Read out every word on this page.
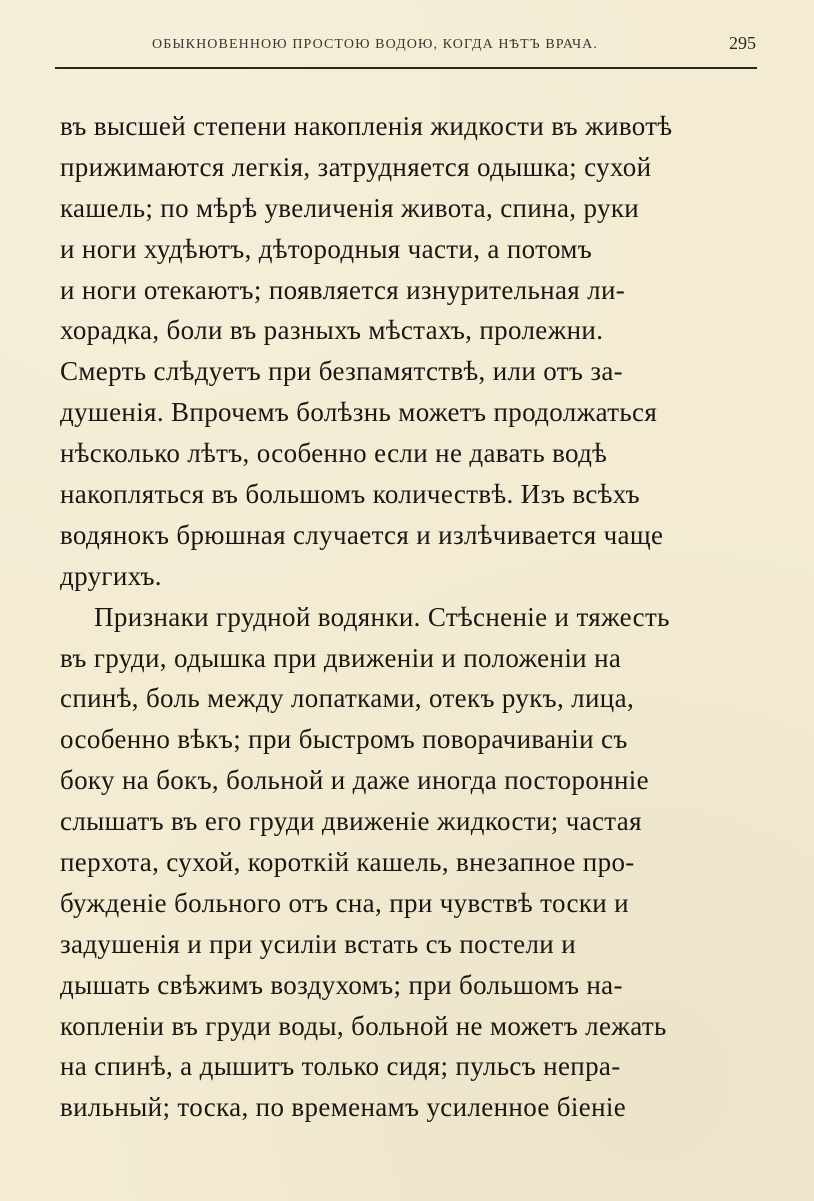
ОБЫКНОВЕННОЮ ПРОСТОЮ ВОДОЮ, КОГДА НѢТЪ ВРАЧА.	295
въ высшей степени накопленія жидкости въ животѣ
прижимаются легкія, затрудняется одышка; сухой
кашель; по мѣрѣ увеличенія живота, спина, руки
и ноги худѣютъ, дѣтородныя части, а потомъ
и ноги отекаютъ; появляется изнурительная ли-
хорадка, боли въ разныхъ мѣстахъ, пролежни.
Смерть слѣдуетъ при безпамятствѣ, или отъ за-
душенія. Впрочемъ болѣзнь можетъ продолжаться
нѣсколько лѣтъ, особенно если не давать водѣ
накопляться въ большомъ количествѣ. Изъ всѣхъ
водянокъ брюшная случается и излѣчивается чаще
другихъ.
Признаки грудной водянки. Стѣсненіе и тяжесть
въ груди, одышка при движеніи и положеніи на
спинѣ, боль между лопатками, отекъ рукъ, лица,
особенно вѣкъ; при быстромъ поворачиваніи съ
боку на бокъ, больной и даже иногда посторонніе
слышатъ въ его груди движеніе жидкости; частая
перхота, сухой, короткій кашель, внезапное про-
бужденіе больного отъ сна, при чувствѣ тоски и
задушенія и при усиліи встать съ постели и
дышать свѣжимъ воздухомъ; при большомъ на-
копленіи въ груди воды, больной не можетъ лежать
на спинѣ, а дышитъ только сидя; пульсъ непра-
вильный; тоска, по временамъ усиленное біеніе
